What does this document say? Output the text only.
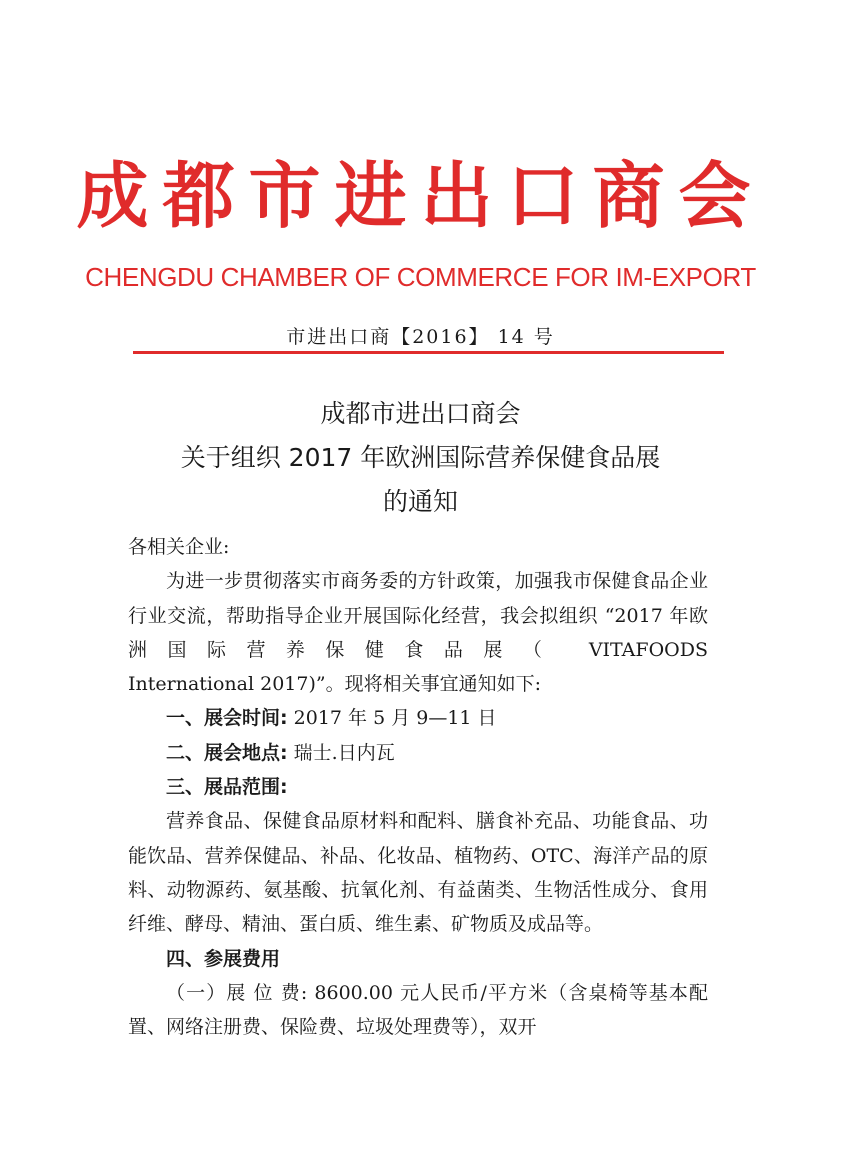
成都市进出口商会
CHENGDU CHAMBER OF COMMERCE FOR IM-EXPORT
市进出口商【2016】 14 号
成都市进出口商会
关于组织 2017 年欧洲国际营养保健食品展
的通知

各相关企业:

为进一步贯彻落实市商务委的方针政策，加强我市保健食品企业行业交流，帮助指导企业开展国际化经营，我会拟组织 “2017 年欧洲国际营养保健食品展（ VITAFOODS

International 2017)”。现将相关事宜通知如下:

一、展会时间: 2017 年 5 月 9—11 日

二、展会地点: 瑞士.日内瓦

三、展品范围:

营养食品、保健食品原材料和配料、膳食补充品、功能食品、功能饮品、营养保健品、补品、化妆品、植物药、OTC、海洋产品的原料、动物源药、氨基酸、抗氧化剂、有益菌类、生物活性成分、食用纤维、酵母、精油、蛋白质、维生素、矿物质及成品等。

四、参展费用

（一）展 位 费: 8600.00 元人民币/平方米（含桌椅等基本配置、网络注册费、保险费、垃圾处理费等），双开
